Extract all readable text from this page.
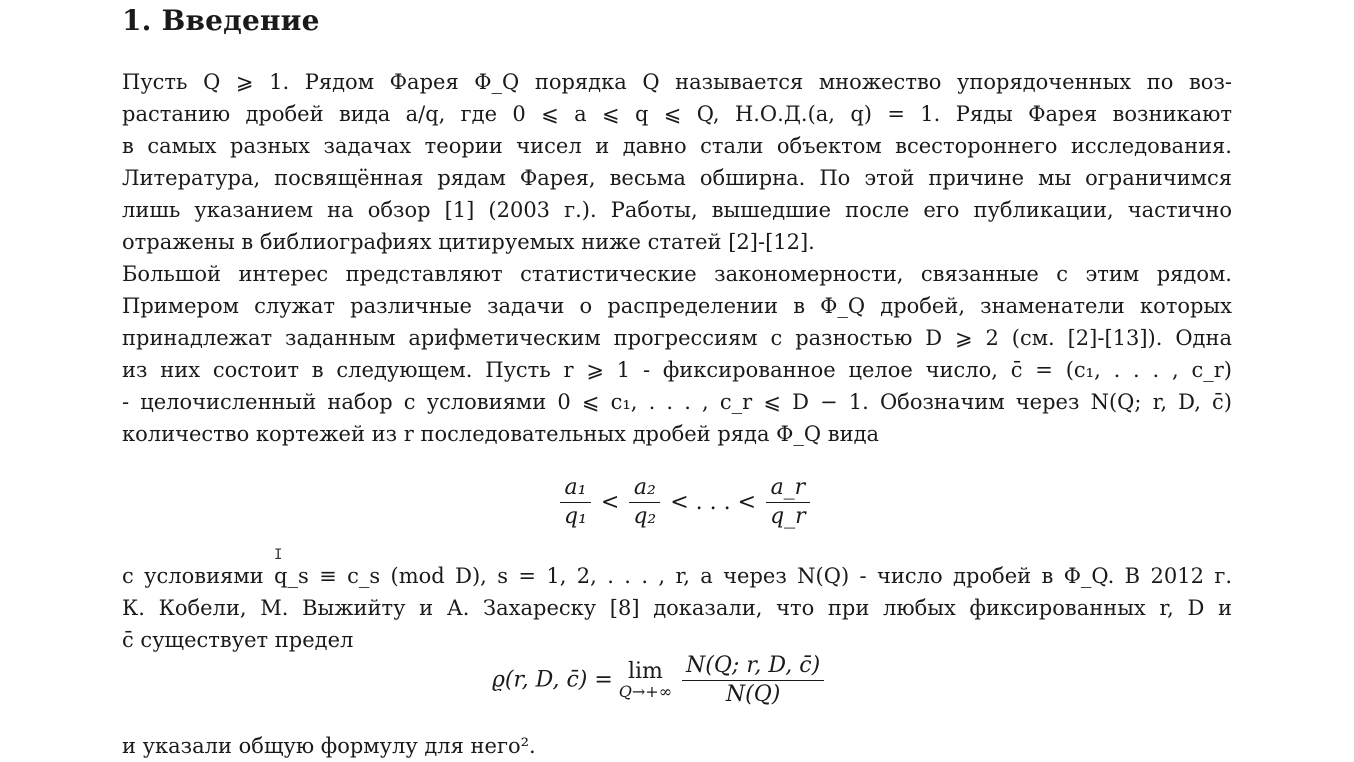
1. Введение
Пусть Q ⩾ 1. Рядом Фарея Φ_Q порядка Q называется множество упорядоченных по воз-
растанию дробей вида a/q, где 0 ⩽ a ⩽ q ⩽ Q, Н.О.Д.(a, q) = 1. Ряды Фарея возникают
в самых разных задачах теории чисел и давно стали объектом всестороннего исследования.
Литература, посвящённая рядам Фарея, весьма обширна. По этой причине мы ограничимся
лишь указанием на обзор [1] (2003 г.). Работы, вышедшие после его публикации, частично
отражены в библиографиях цитируемых ниже статей [2]-[12].
Большой интерес представляют статистические закономерности, связанные с этим рядом.
Примером служат различные задачи о распределении в Φ_Q дробей, знаменатели которых
принадлежат заданным арифметическим прогрессиям с разностью D ⩾ 2 (см. [2]-[13]). Одна
из них состоит в следующем. Пусть r ⩾ 1 - фиксированное целое число, c̄ = (c₁, . . . , c_r)
- целочисленный набор с условиями 0 ⩽ c₁, . . . , c_r ⩽ D − 1. Обозначим через N(Q; r, D, c̄)
количество кортежей из r последовательных дробей ряда Φ_Q вида
$\frac{\text{a₁}}{\text{q₁}} < \frac{\text{a₂}}{\text{q₂}}$ < . . . < $\frac{a\_r}{q\_r}$
I
с условиями q_s ≡ c_s (mod D), s = 1, 2, . . . , r, а через N(Q) - число дробей в Φ_Q. В 2012 г.
К. Кобели, М. Выжийту и А. Захареску [8] доказали, что при любых фиксированных r, D и
c̄ существует предел
ϱ(r, D, c̄) = lim
$Q\to+\infty \frac{N(Q; r, D, c̄)}{N(Q)}$
и указали общую формулу для него².
